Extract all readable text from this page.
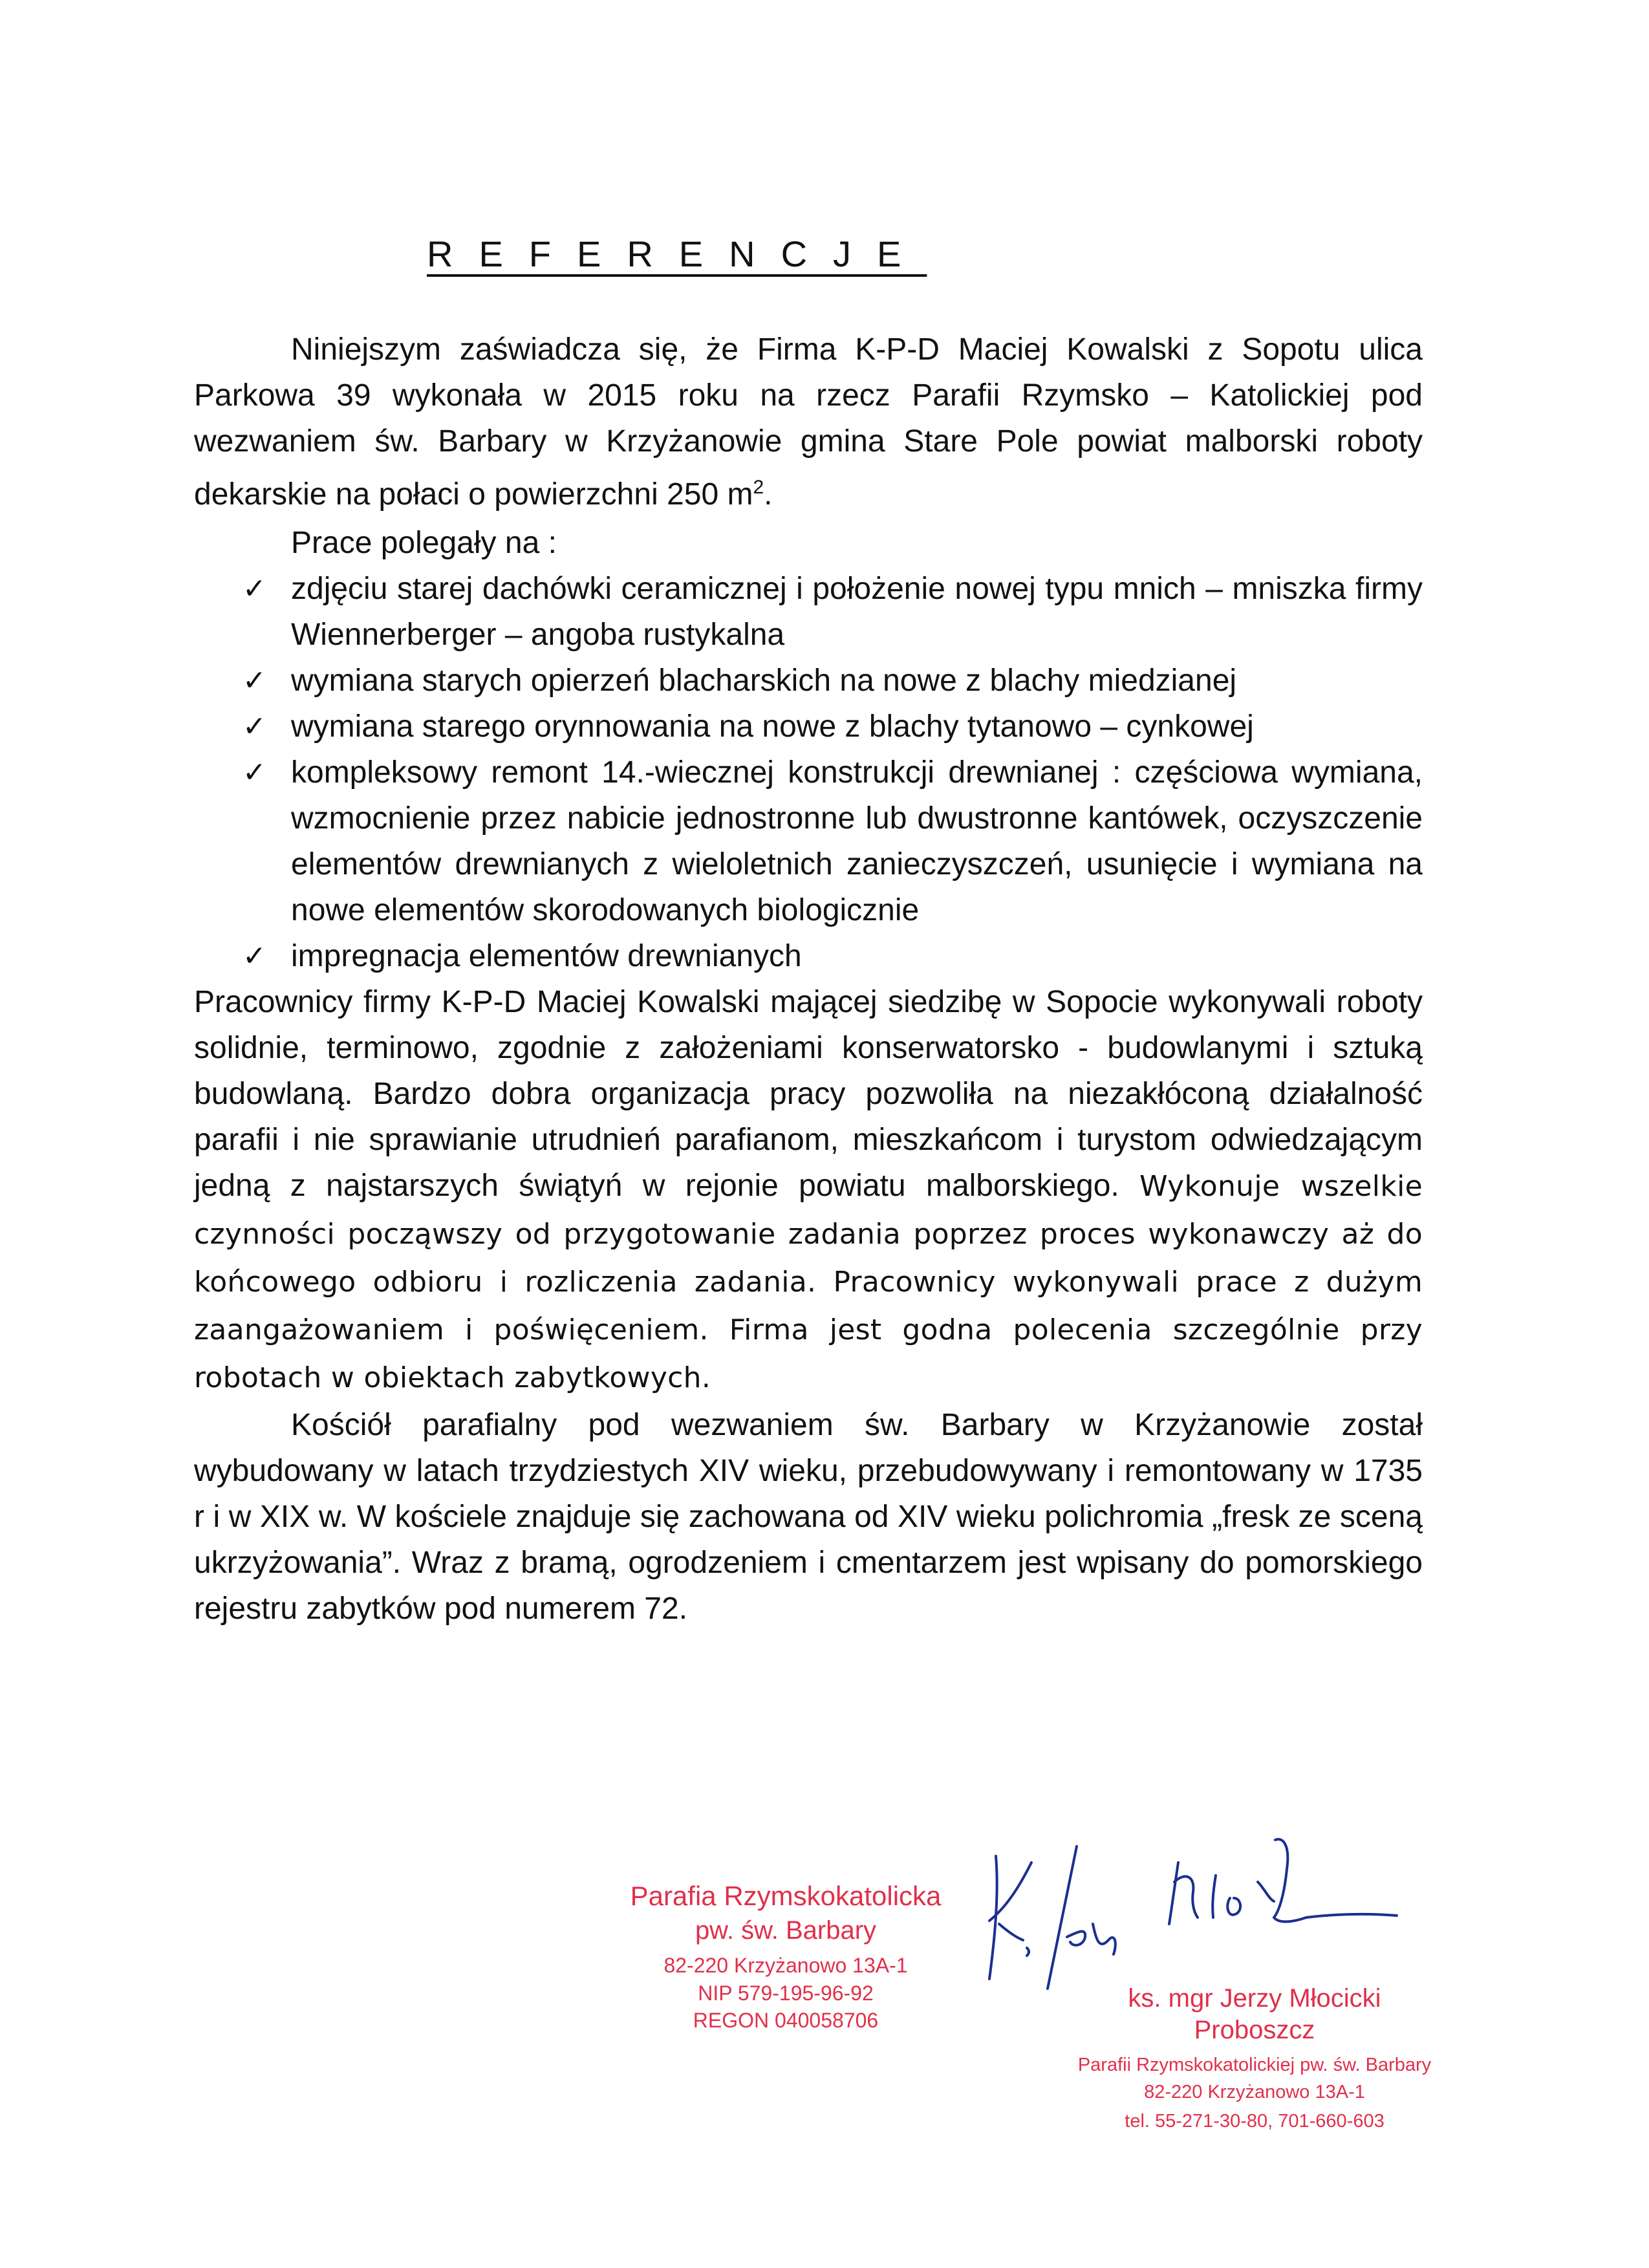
REFERENCJE

Niniejszym zaświadcza się, że Firma K-P-D Maciej Kowalski z Sopotu ulica Parkowa 39 wykonała w 2015 roku na rzecz Parafii Rzymsko – Katolickiej pod wezwaniem św. Barbary w Krzyżanowie gmina Stare Pole powiat malborski roboty dekarskie na połaci o powierzchni 250 $m^2$.

Prace polegały na :

✓ zdjęciu starej dachówki ceramicznej i położenie nowej typu mnich – mniszka firmy Wiennerberger – angoba rustykalna
✓ wymiana starych opierzeń blacharskich na nowe z blachy miedzianej
✓ wymiana starego orynnowania na nowe z blachy tytanowo – cynkowej
✓ kompleksowy remont 14.-wiecznej konstrukcji drewnianej : częściowa wymiana, wzmocnienie przez nabicie jednostronne lub dwustronne kantówek, oczyszczenie elementów drewnianych z wieloletnich zanieczyszczeń, usunięcie i wymiana na nowe elementów skorodowanych biologicznie
✓ impregnacja elementów drewnianych

Pracownicy firmy K-P-D Maciej Kowalski mającej siedzibę w Sopocie wykonywali roboty solidnie, terminowo, zgodnie z założeniami konserwatorsko - budowlanymi i sztuką budowlaną. Bardzo dobra organizacja pracy pozwoliła na niezakłóconą działalność parafii i nie sprawianie utrudnień parafianom, mieszkańcom i turystom odwiedzającym jedną z najstarszych świątyń w rejonie powiatu malborskiego. Wykonuje wszelkie czynności począwszy od przygotowanie zadania poprzez proces wykonawczy aż do końcowego odbioru i rozliczenia zadania. Pracownicy wykonywali prace z dużym zaangażowaniem i poświęceniem. Firma jest godna polecenia szczególnie przy robotach w obiektach zabytkowych.

Kościół parafialny pod wezwaniem św. Barbary w Krzyżanowie został wybudowany w latach trzydziestych XIV wieku, przebudowywany i remontowany w 1735 r i w XIX w. W kościele znajduje się zachowana od XIV wieku polichromia „fresk ze sceną ukrzyżowania”. Wraz z bramą, ogrodzeniem i cmentarzem jest wpisany do pomorskiego rejestru zabytków pod numerem 72.

Parafia Rzymskokatolicka
pw. św. Barbary
82-220 Krzyżanowo 13A-1
NIP 579-195-96-92
REGON 040058706
ks. mgr Jerzy Młocicki
Proboszcz
Parafii Rzymskokatolickiej pw. św. Barbary
82-220 Krzyżanowo 13A-1
tel. 55-271-30-80, 701-660-603
